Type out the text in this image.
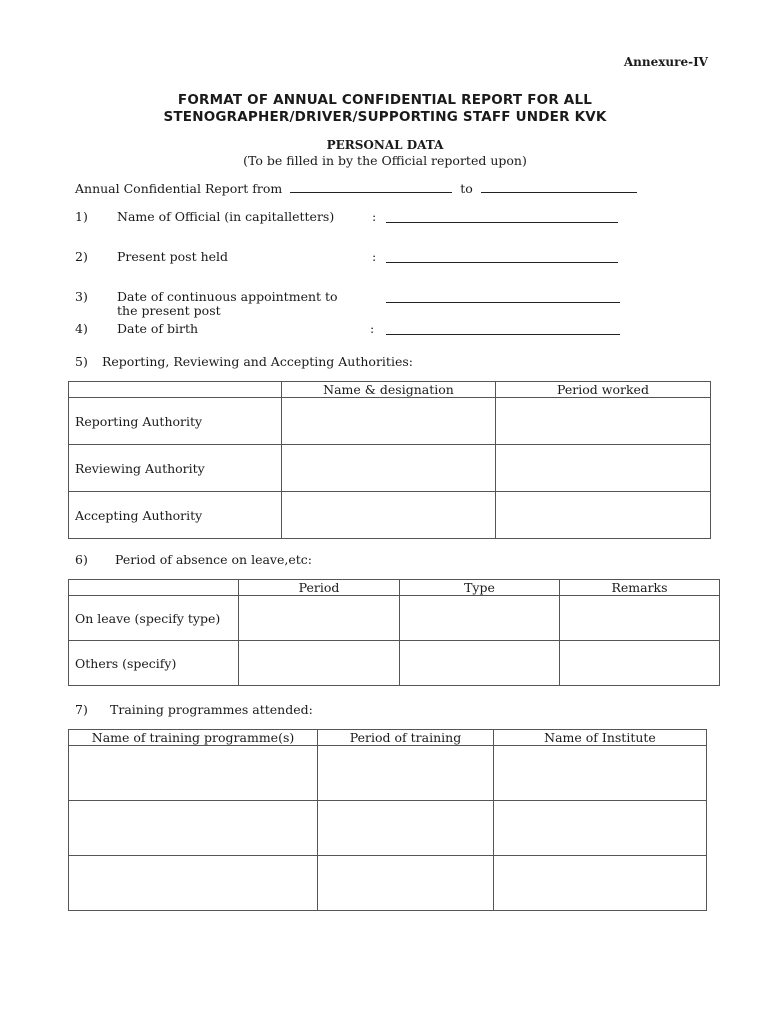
Annexure-IV
FORMAT OF ANNUAL CONFIDENTIAL REPORT FOR ALL
STENOGRAPHER/DRIVER/SUPPORTING STAFF UNDER KVK
PERSONAL DATA
(To be filled in by the Official reported upon)
Annual Confidential Report from	to
1) Name of Official (in capitalletters)	:
2) Present post held	:
3) Date of continuous appointment to
the present post
4) Date of birth	:
5) Reporting, Reviewing and Accepting Authorities:
	Name & designation	Period worked
Reporting Authority		
Reviewing Authority		
Accepting Authority		
6) Period of absence on leave,etc:
	Period	Type	Remarks
On leave (specify type)			
Others (specify)			
7) Training programmes attended:
Name of training programme(s)	Period of training	Name of Institute
